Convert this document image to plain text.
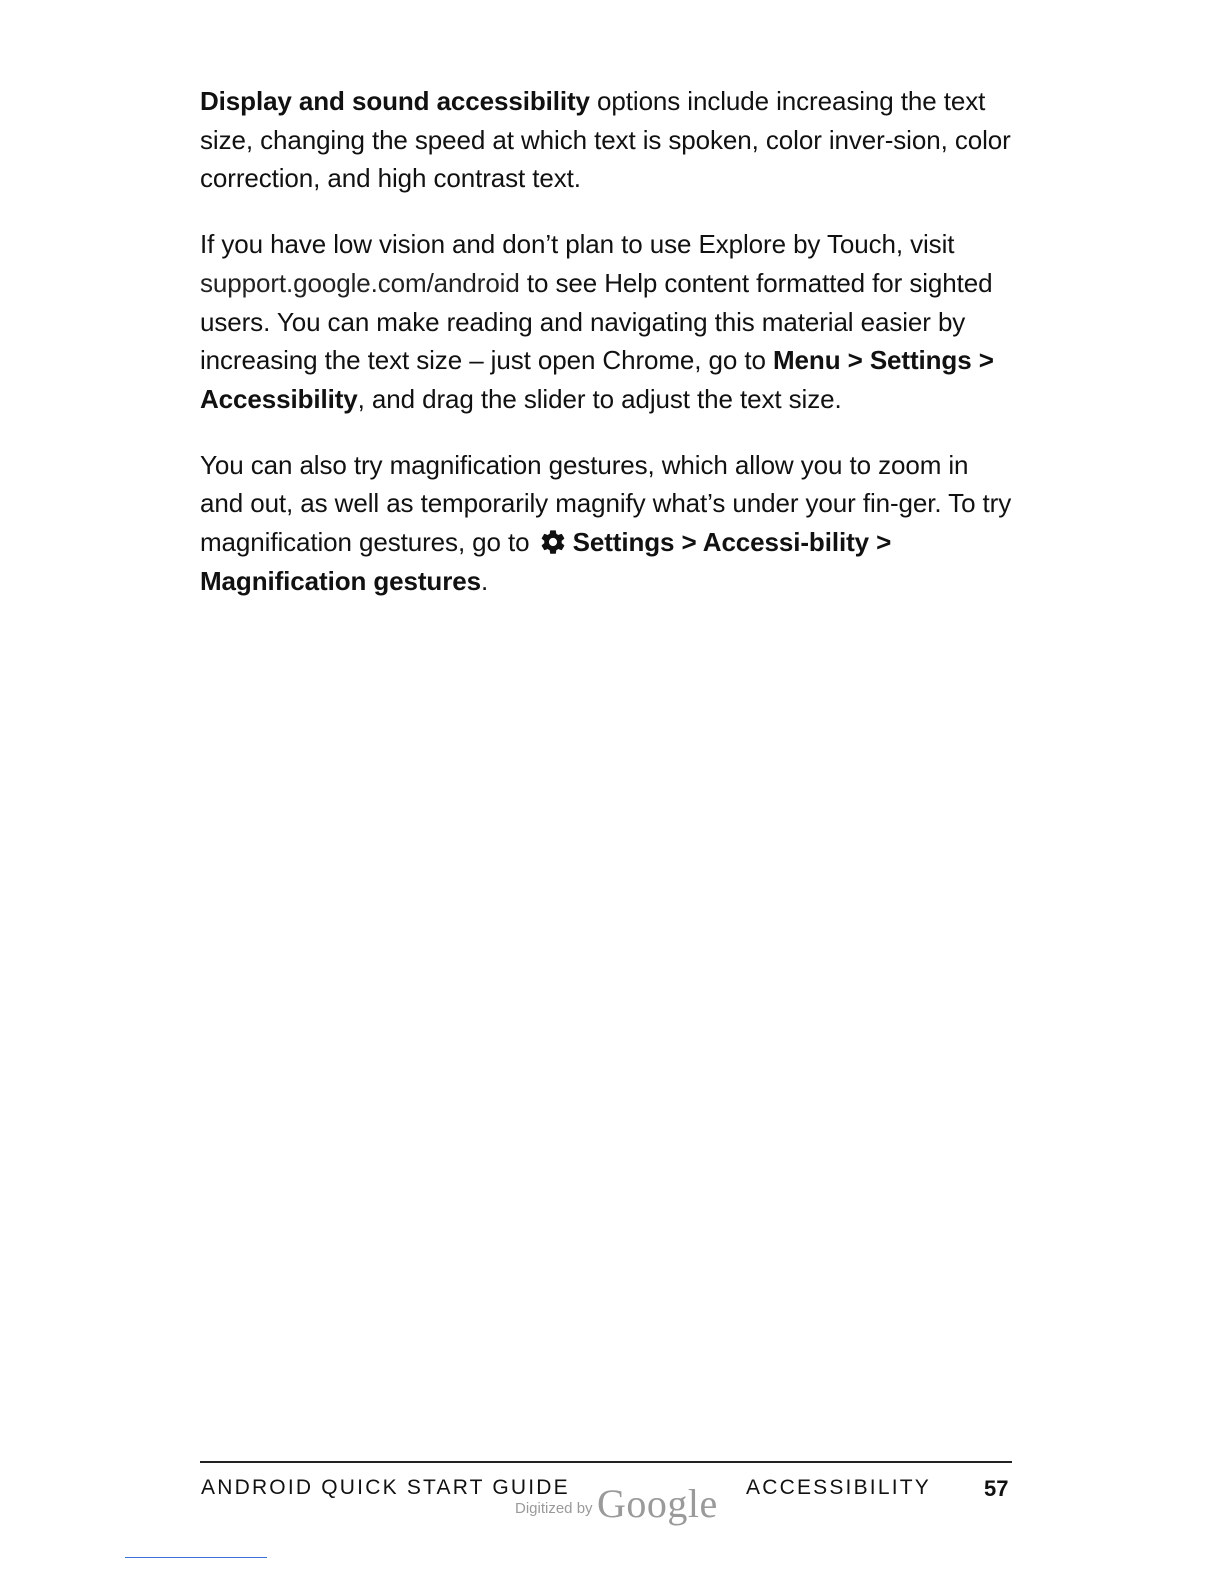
Display and sound accessibility options include increasing the text size, changing the speed at which text is spoken, color inver-sion, color correction, and high contrast text.

If you have low vision and don’t plan to use Explore by Touch, visit support.google.com/android to see Help content formatted for sighted users. You can make reading and navigating this material easier by increasing the text size – just open Chrome, go to Menu > Settings > Accessibility, and drag the slider to adjust the text size.

You can also try magnification gestures, which allow you to zoom in and out, as well as temporarily magnify what’s under your fin-ger. To try magnification gestures, go to Settings > Accessi-bility > Magnification gestures.

ANDROID QUICK START GUIDE	ACCESSIBILITY 57
Digitized by Google
